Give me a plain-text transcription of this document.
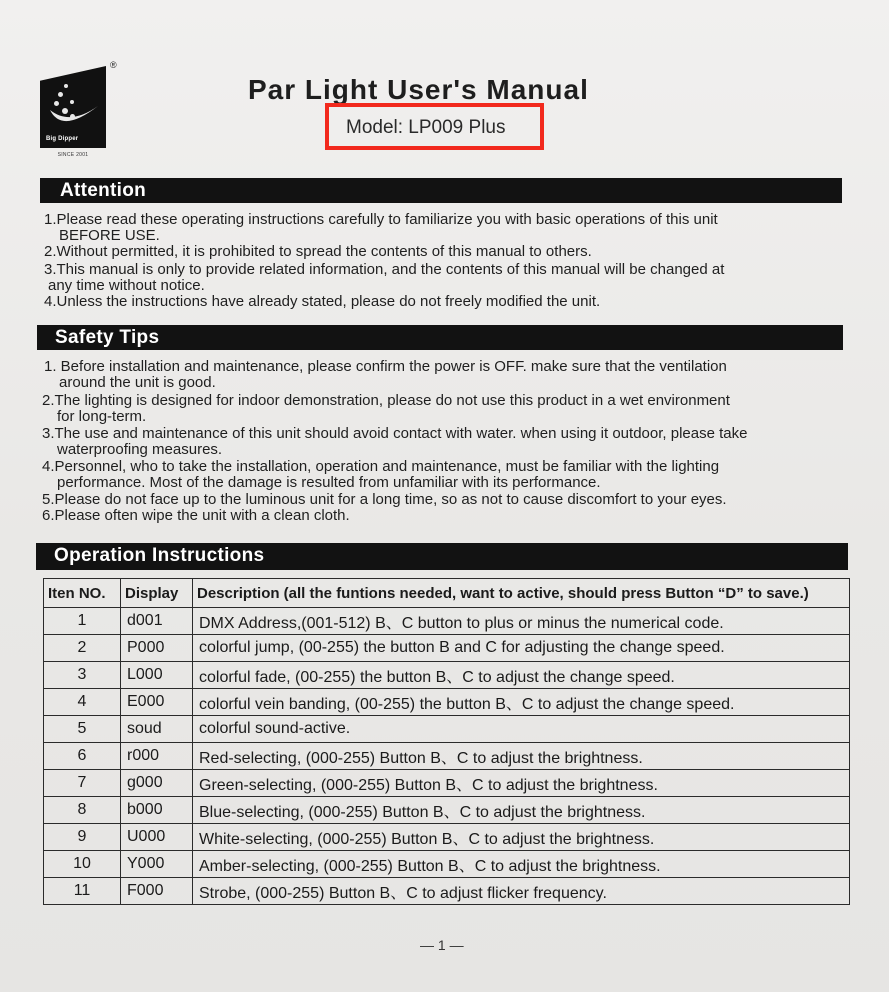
Big Dipper
®
SINCE 2001
Par Light User's Manual
Model: LP009 Plus
Attention
1.Please read these operating instructions carefully to familiarize you with basic operations of this unit
BEFORE USE.
2.Without permitted, it is prohibited to spread the contents of this manual to others.
3.This manual is only to provide related information, and the contents of this manual will be changed at
any time without notice.
4.Unless the instructions have already stated, please do not freely modified the unit.
Safety Tips
1. Before installation and maintenance, please confirm the power is OFF. make sure that the ventilation
around the unit is good.
2.The lighting is designed for indoor demonstration, please do not use this product in a wet environment
for long-term.
3.The use and maintenance of this unit should avoid contact with water. when using it outdoor, please take
waterproofing measures.
4.Personnel, who to take the installation, operation and maintenance, must be familiar with the lighting
performance. Most of the damage is resulted from unfamiliar with its performance.
5.Please do not face up to the luminous unit for a long time, so as not to cause discomfort to your eyes.
6.Please often wipe the unit with a clean cloth.
Operation Instructions
Iten NO.	Display	Description (all the funtions needed, want to active, should press Button “D” to save.)
1	d001	DMX Address,(001-512) B、C button to plus or minus the numerical code.
2	P000	colorful jump, (00-255) the button B and C for adjusting the change speed.
3	L000	colorful fade, (00-255) the button B、C to adjust the change speed.
4	E000	colorful vein banding, (00-255) the button B、C to adjust the change speed.
5	soud	colorful sound-active.
6	r000	Red-selecting, (000-255) Button B、C to adjust the brightness.
7	g000	Green-selecting, (000-255) Button B、C to adjust the brightness.
8	b000	Blue-selecting, (000-255) Button B、C to adjust the brightness.
9	U000	White-selecting, (000-255) Button B、C to adjust the brightness.
10	Y000	Amber-selecting, (000-255) Button B、C to adjust the brightness.
11	F000	Strobe, (000-255) Button B、C to adjust flicker frequency.
— 1 —
